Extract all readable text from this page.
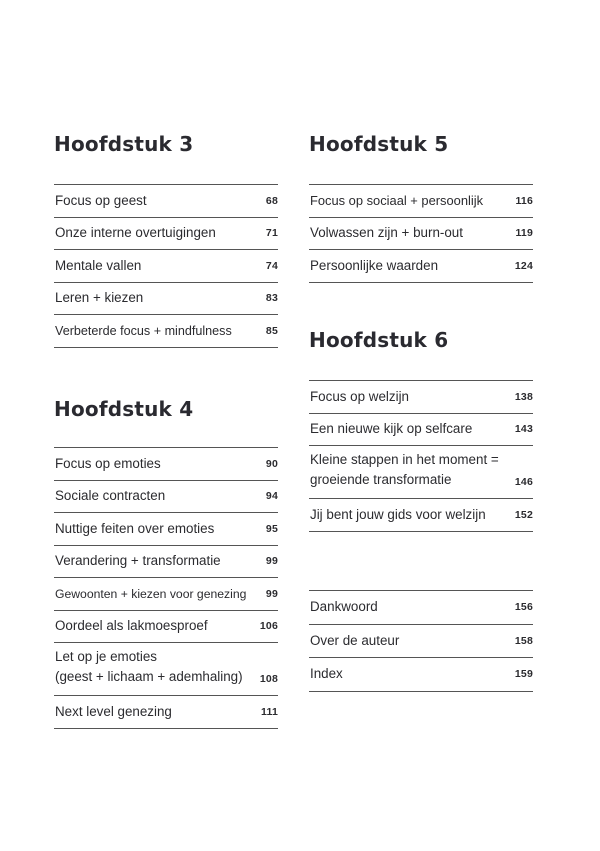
Hoofdstuk 3
Focus op geest	68
Onze interne overtuigingen	71
Mentale vallen	74
Leren + kiezen	83
Verbeterde focus + mindfulness	85
Hoofdstuk 4
Focus op emoties	90
Sociale contracten	94
Nuttige feiten over emoties	95
Verandering + transformatie	99
Gewoonten + kiezen voor genezing 99
Oordeel als lakmoesproef	106
Let op je emoties
(geest + lichaam + ademhaling) 108
Next level genezing	111
Hoofdstuk 5
Focus op sociaal + persoonlijk	116
Volwassen zijn + burn-out	119
Persoonlijke waarden	124
Hoofdstuk 6
Focus op welzijn	138
Een nieuwe kijk op selfcare	143
Kleine stappen in het moment =
groeiende transformatie	146
Jij bent jouw gids voor welzijn	152
Dankwoord	156
Over de auteur	158
Index	159
